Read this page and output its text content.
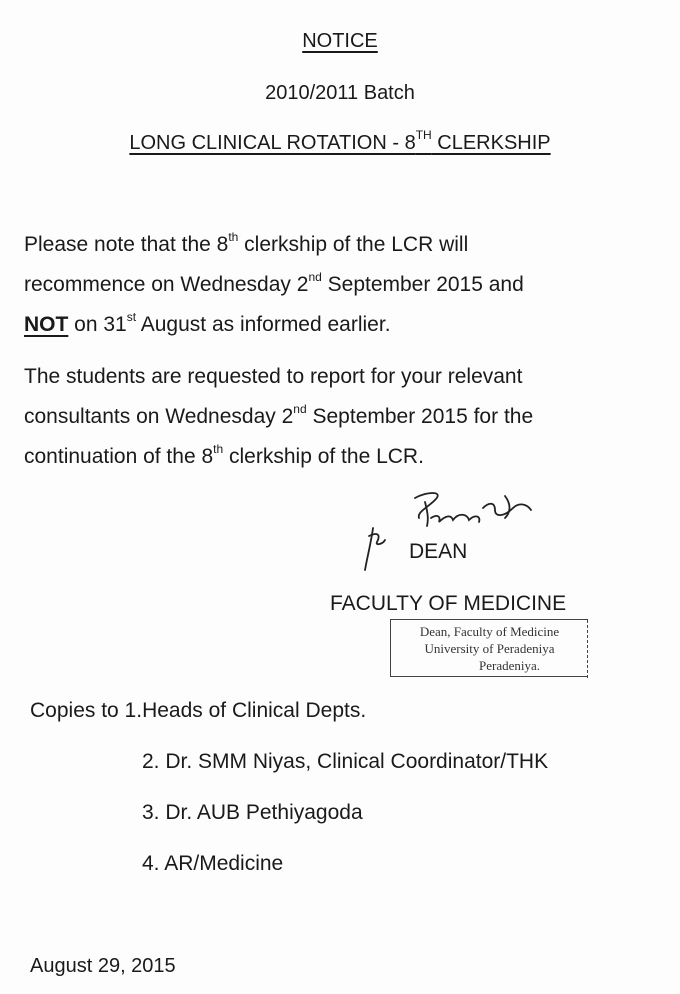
NOTICE
2010/2011 Batch
LONG CLINICAL ROTATION - 8TH CLERKSHIP
Please note that the 8th clerkship of the LCR will
recommence on Wednesday 2nd September 2015 and
NOT on 31st August as informed earlier.
The students are requested to report for your relevant
consultants on Wednesday 2nd September 2015 for the
continuation of the 8th clerkship of the LCR.
DEAN
FACULTY OF MEDICINE
Dean, Faculty of Medicine
University of Peradeniya
Peradeniya.
Copies to 1.Heads of Clinical Depts.
2. Dr. SMM Niyas, Clinical Coordinator/THK
3. Dr. AUB Pethiyagoda
4. AR/Medicine
August 29, 2015
